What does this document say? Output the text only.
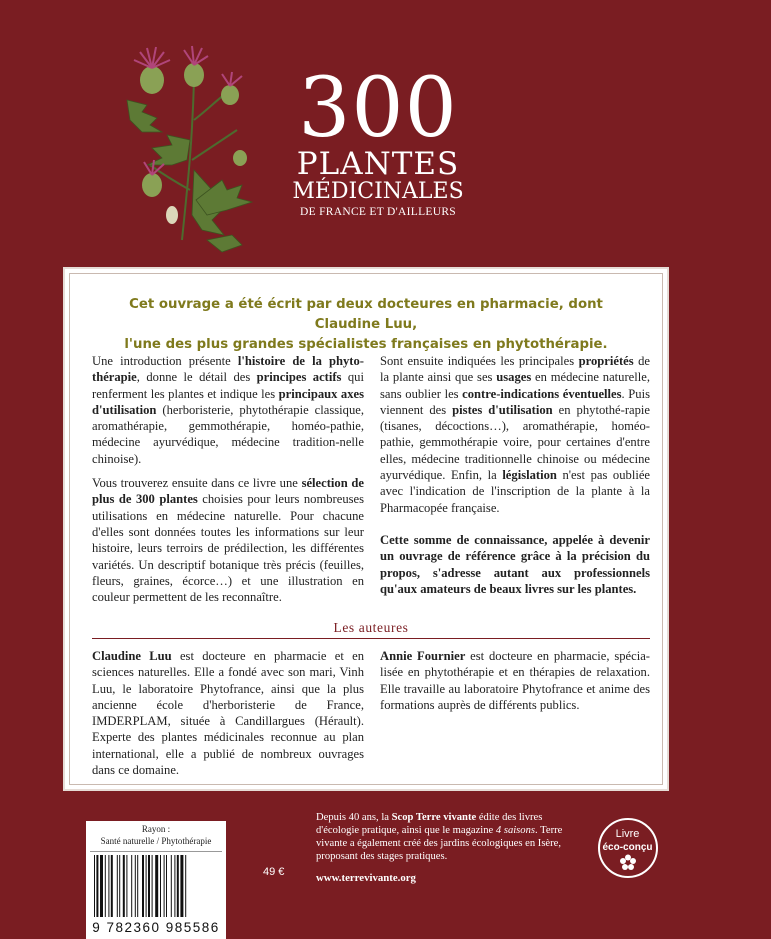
300
PLANTES
MÉDICINALES
DE FRANCE ET D'AILLEURS
Cet ouvrage a été écrit par deux docteures en pharmacie, dont Claudine Luu,
l'une des plus grandes spécialistes françaises en phytothérapie.

Une introduction présente l'histoire de la phyto-thérapie, donne le détail des principes actifs qui renferment les plantes et indique les principaux axes d'utilisation (herboristerie, phytothérapie classique, aromathérapie, gemmothérapie, homéo-pathie, médecine ayurvédique, médecine tradition-nelle chinoise).

Vous trouverez ensuite dans ce livre une sélection de plus de 300 plantes choisies pour leurs nombreuses utilisations en médecine naturelle. Pour chacune d'elles sont données toutes les informations sur leur histoire, leurs terroirs de prédilection, les différentes variétés. Un descriptif botanique très précis (feuilles, fleurs, graines, écorce…) et une illustration en couleur permettent de les reconnaître.

Sont ensuite indiquées les principales propriétés de la plante ainsi que ses usages en médecine naturelle, sans oublier les contre-indications éventuelles. Puis viennent des pistes d'utilisation en phytothé-rapie (tisanes, décoctions…), aromathérapie, homéo-pathie, gemmothérapie voire, pour certaines d'entre elles, médecine traditionnelle chinoise ou médecine ayurvédique. Enfin, la législation n'est pas oubliée avec l'indication de l'inscription de la plante à la Pharmacopée française.

Cette somme de connaissance, appelée à devenir un ouvrage de référence grâce à la précision du propos, s'adresse autant aux professionnels qu'aux amateurs de beaux livres sur les plantes.

Les auteures

Claudine Luu est docteure en pharmacie et en sciences naturelles. Elle a fondé avec son mari, Vinh Luu, le laboratoire Phytofrance, ainsi que la plus ancienne école d'herboristerie de France, IMDERPLAM, située à Candillargues (Hérault). Experte des plantes médicinales reconnue au plan international, elle a publié de nombreux ouvrages dans ce domaine.

Annie Fournier est docteure en pharmacie, spécia-lisée en phytothérapie et en thérapies de relaxation. Elle travaille au laboratoire Phytofrance et anime des formations auprès de différents publics.

Rayon :
Santé naturelle / Phytothérapie
9 782360 985586
49 €
Depuis 40 ans, la Scop Terre vivante édite des livres d'écologie pratique, ainsi que le magazine 4 saisons. Terre vivante a également créé des jardins écologiques en Isère, proposant des stages pratiques.
www.terrevivante.org
Livre
éco-conçu
